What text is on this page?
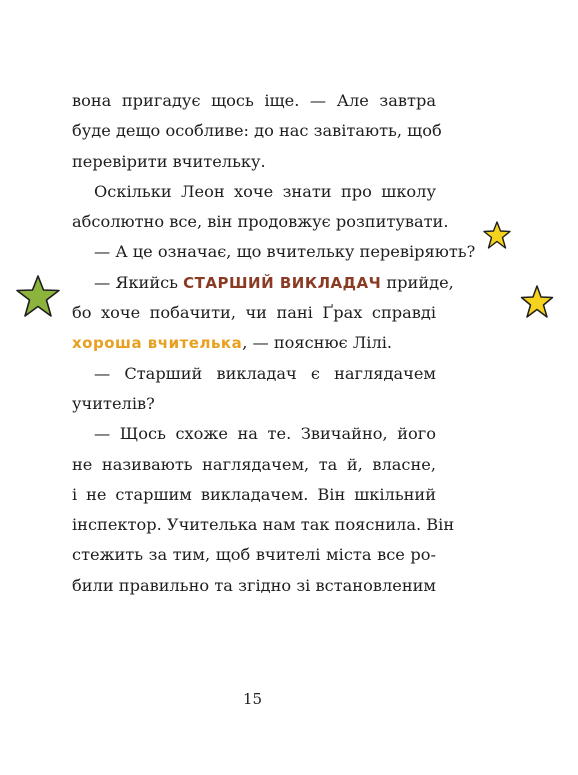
вона пригадує щось іще. — Але завтра
буде дещо особливе: до нас завітають, щоб
перевірити вчительку.
Оскільки Леон хоче знати про школу
абсолютно все, він продовжує розпитувати.
— А це означає, що вчительку перевіряють?
— Якийсь СТАРШИЙ ВИКЛАДАЧ прийде,
бо хоче побачити, чи пані Ґрах справді
хороша вчителька, — пояснює Лілі.
— Старший викладач є наглядачем
учителів?
— Щось схоже на те. Звичайно, його
не називають наглядачем, та й, власне,
і не старшим викладачем. Він шкільний
інспектор. Учителька нам так пояснила. Він
стежить за тим, щоб вчителі міста все ро-
били правильно та згідно зі встановленим
15
